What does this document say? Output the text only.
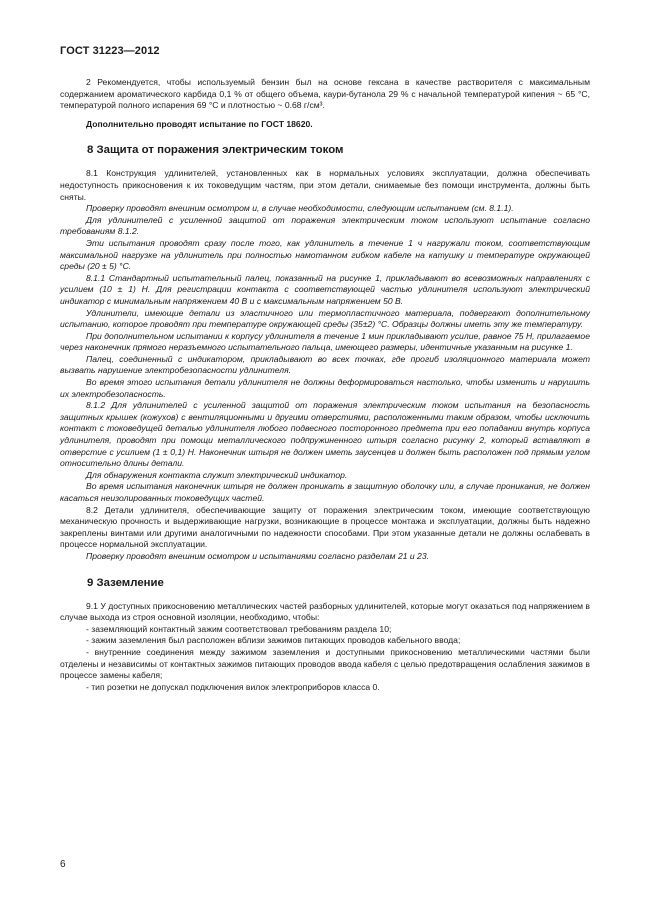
ГОСТ 31223—2012

2 Рекомендуется, чтобы используемый бензин был на основе гексана в качестве растворителя с максимальным содержанием ароматического карбида 0,1 % от общего объема, каури-бутанола 29 % с начальной температурой кипения ~ 65 °С, температурой полного испарения 69 °С и плотностью ~ 0.68 г/см³.

Дополнительно проводят испытание по ГОСТ 18620.

8 Защита от поражения электрическим током

8.1 Конструкция удлинителей, установленных как в нормальных условиях эксплуатации, должна обеспечивать недоступность прикосновения к их токоведущим частям, при этом детали, снимаемые без помощи инструмента, должны быть сняты.

Проверку проводят внешним осмотром и, в случае необходимости, следующим испытанием (см. 8.1.1).

Для удлинителей с усиленной защитой от поражения электрическим током используют испытание согласно требованиям 8.1.2.

Эти испытания проводят сразу после того, как удлинитель в течение 1 ч нагружали током, соответствующим максимальной нагрузке на удлинитель при полностью намотанном гибком кабеле на катушку и температуре окружающей среды (20 ± 5) °С.

8.1.1 Стандартный испытательный палец, показанный на рисунке 1, прикладывают во всевозможных направлениях с усилием (10 ± 1) Н. Для регистрации контакта с соответствующей частью удлинителя используют электрический индикатор с минимальным напряжением 40 В и с максимальным напряжением 50 В.

Удлинители, имеющие детали из эластичного или термопластичного материала, подвергают дополнительному испытанию, которое проводят при температуре окружающей среды (35±2) °С. Образцы должны иметь эту же температуру.

При дополнительном испытании к корпусу удлинителя в течение 1 мин прикладывают усилие, равное 75 Н, прилагаемое через наконечник прямого неразъемного испытательного пальца, имеющего размеры, идентичные указанным на рисунке 1.

Палец, соединенный с индикатором, прикладывают во всех точках, где прогиб изоляционного материала может вызвать нарушение электробезопасности удлинителя.

Во время этого испытания детали удлинителя не должны деформироваться настолько, чтобы изменить и нарушить их электробезопасность.

8.1.2 Для удлинителей с усиленной защитой от поражения электрическим током испытания на безопасность защитных крышек (кожухов) с вентиляционными и другими отверстиями, расположенными таким образом, чтобы исключить контакт с токоведущей деталью удлинителя любого подвесного посторонного предмета при его попадании внутрь корпуса удлинителя, проводят при помощи металлического подпружиненного штыря согласно рисунку 2, который вставляют в отверстие с усилием (1 ± 0,1) Н. Наконечник штыря не должен иметь заусенцев и должен быть расположен под прямым углом относительно длины детали.

Для обнаружения контакта служит электрический индикатор.

Во время испытания наконечник штыря не должен проникать в защитную оболочку или, в случае проникания, не должен касаться неизолированных токоведущих частей.

8.2 Детали удлинителя, обеспечивающие защиту от поражения электрическим током, имеющие соответствующую механическую прочность и выдерживающие нагрузки, возникающие в процессе монтажа и эксплуатации, должны быть надежно закреплены винтами или другими аналогичными по надежности способами. При этом указанные детали не должны ослабевать в процессе нормальной эксплуатации.

Проверку проводят внешним осмотром и испытаниями согласно разделам 21 и 23.

9 Заземление

9.1 У доступных прикосновению металлических частей разборных удлинителей, которые могут оказаться под напряжением в случае выхода из строя основной изоляции, необходимо, чтобы:

- заземляющий контактный зажим соответствовал требованиям раздела 10;

- зажим заземления был расположен вблизи зажимов питающих проводов кабельного ввода;

- внутренние соединения между зажимом заземления и доступными прикосновению металлическими частями были отделены и независимы от контактных зажимов питающих проводов ввода кабеля с целью предотвращения ослабления зажимов в процессе замены кабеля;

- тип розетки не допускал подключения вилок электроприборов класса 0.

6
